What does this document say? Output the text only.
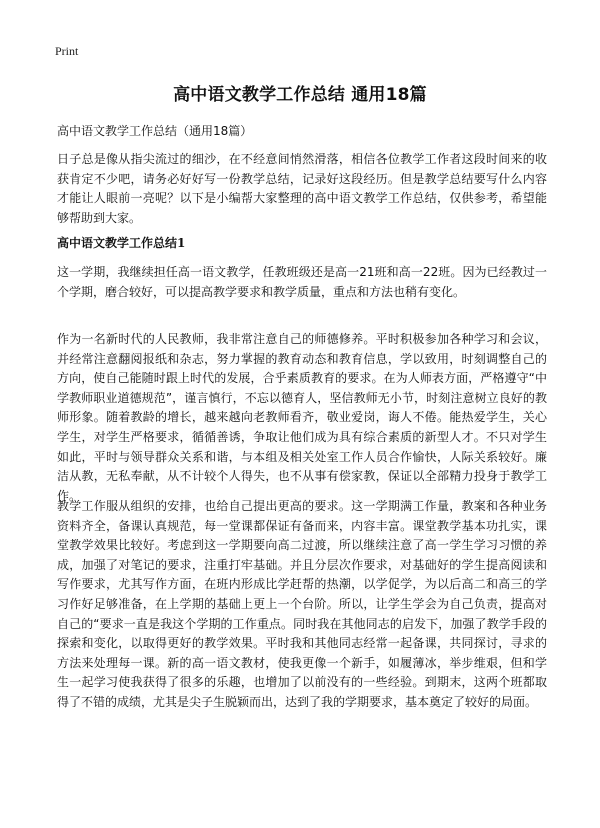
Print
高中语文教学工作总结 通用18篇
高中语文教学工作总结（通用18篇）

日子总是像从指尖流过的细沙，在不经意间悄然滑落，相信各位教学工作者这段时间来的收获肯定不少吧，请务必好好写一份教学总结，记录好这段经历。但是教学总结要写什么内容才能让人眼前一亮呢？以下是小编帮大家整理的高中语文教学工作总结，仅供参考，希望能够帮助到大家。

高中语文教学工作总结1

这一学期，我继续担任高一语文教学，任教班级还是高一21班和高一22班。因为已经教过一个学期，磨合较好，可以提高教学要求和教学质量，重点和方法也稍有变化。

作为一名新时代的人民教师，我非常注意自己的师德修养。平时积极参加各种学习和会议，并经常注意翻阅报纸和杂志，努力掌握的教育动态和教育信息，学以致用，时刻调整自己的方向，使自己能随时跟上时代的发展，合乎素质教育的要求。在为人师表方面，严格遵守“中学教师职业道德规范”，谨言慎行，不忘以德育人，坚信教师无小节，时刻注意树立良好的教师形象。随着教龄的增长，越来越向老教师看齐，敬业爱岗，诲人不倦。能热爱学生，关心学生，对学生严格要求，循循善诱，争取让他们成为具有综合素质的新型人才。不只对学生如此，平时与领导群众关系和谐，与本组及相关处室工作人员合作愉快，人际关系较好。廉洁从教，无私奉献，从不计较个人得失，也不从事有偿家教，保证以全部精力投身于教学工作。

教学工作服从组织的安排，也给自己提出更高的要求。这一学期满工作量，教案和各种业务资料齐全，备课认真规范，每一堂课都保证有备而来，内容丰富。课堂教学基本功扎实，课堂教学效果比较好。考虑到这一学期要向高二过渡，所以继续注意了高一学生学习习惯的养成，加强了对笔记的要求，注重打牢基础。并且分层次作要求，对基础好的学生提高阅读和写作要求，尤其写作方面，在班内形成比学赶帮的热潮，以学促学，为以后高二和高三的学习作好足够准备，在上学期的基础上更上一个台阶。所以，让学生学会为自己负责，提高对自己的“要求一直是我这个学期的工作重点。同时我在其他同志的启发下，加强了教学手段的探索和变化，以取得更好的教学效果。平时我和其他同志经常一起备课，共同探讨，寻求的方法来处理每一课。新的高一语文教材，使我更像一个新手，如履薄冰，举步维艰，但和学生一起学习使我获得了很多的乐趣，也增加了以前没有的一些经验。到期末，这两个班都取得了不错的成绩，尤其是尖子生脱颖而出，达到了我的学期要求，基本奠定了较好的局面。
